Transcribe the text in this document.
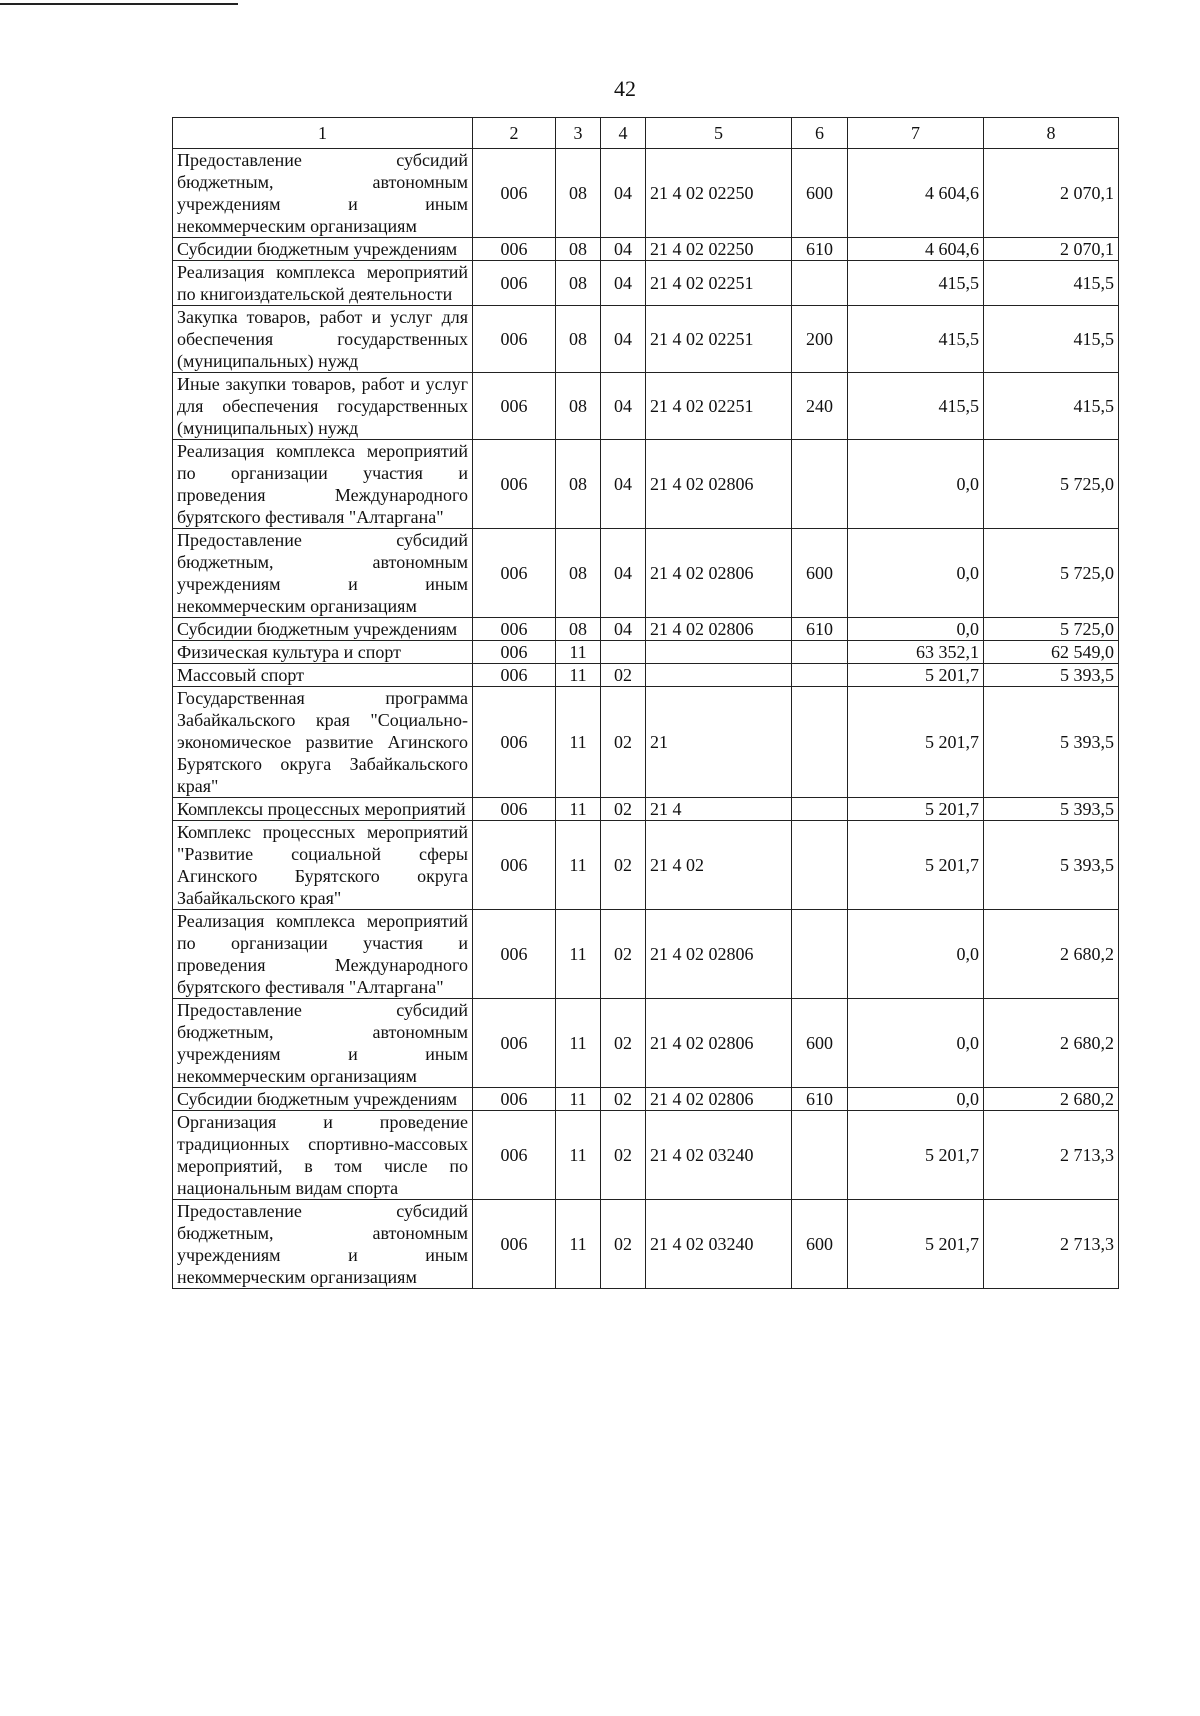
42
1	2	3	4	5	6	7	8
Предоставление субсидий бюджетным, автономным учреждениям и иным некоммерческим организациям	006	08	04	21 4 02 02250	600	4 604,6	2 070,1
Субсидии бюджетным учреждениям	006	08	04	21 4 02 02250	610	4 604,6	2 070,1
Реализация комплекса мероприятий по книгоиздательской деятельности	006	08	04	21 4 02 02251		415,5	415,5
Закупка товаров, работ и услуг для обеспечения государственных (муниципальных) нужд	006	08	04	21 4 02 02251	200	415,5	415,5
Иные закупки товаров, работ и услуг для обеспечения государственных (муниципальных) нужд	006	08	04	21 4 02 02251	240	415,5	415,5
Реализация комплекса мероприятий по организации участия и проведения Международного бурятского фестиваля "Алтаргана"	006	08	04	21 4 02 02806		0,0	5 725,0
Предоставление субсидий бюджетным, автономным учреждениям и иным некоммерческим организациям	006	08	04	21 4 02 02806	600	0,0	5 725,0
Субсидии бюджетным учреждениям	006	08	04	21 4 02 02806	610	0,0	5 725,0
Физическая культура и спорт	006	11				63 352,1	62 549,0
Массовый спорт	006	11	02			5 201,7	5 393,5
Государственная программа Забайкальского края "Социально-экономическое развитие Агинского Бурятского округа Забайкальского края"	006	11	02	21		5 201,7	5 393,5
Комплексы процессных мероприятий	006	11	02	21 4		5 201,7	5 393,5
Комплекс процессных мероприятий "Развитие социальной сферы Агинского Бурятского округа Забайкальского края"	006	11	02	21 4 02		5 201,7	5 393,5
Реализация комплекса мероприятий по организации участия и проведения Международного бурятского фестиваля "Алтаргана"	006	11	02	21 4 02 02806		0,0	2 680,2
Предоставление субсидий бюджетным, автономным учреждениям и иным некоммерческим организациям	006	11	02	21 4 02 02806	600	0,0	2 680,2
Субсидии бюджетным учреждениям	006	11	02	21 4 02 02806	610	0,0	2 680,2
Организация и проведение традиционных спортивно-массовых мероприятий, в том числе по национальным видам спорта	006	11	02	21 4 02 03240		5 201,7	2 713,3
Предоставление субсидий бюджетным, автономным учреждениям и иным некоммерческим организациям	006	11	02	21 4 02 03240	600	5 201,7	2 713,3
